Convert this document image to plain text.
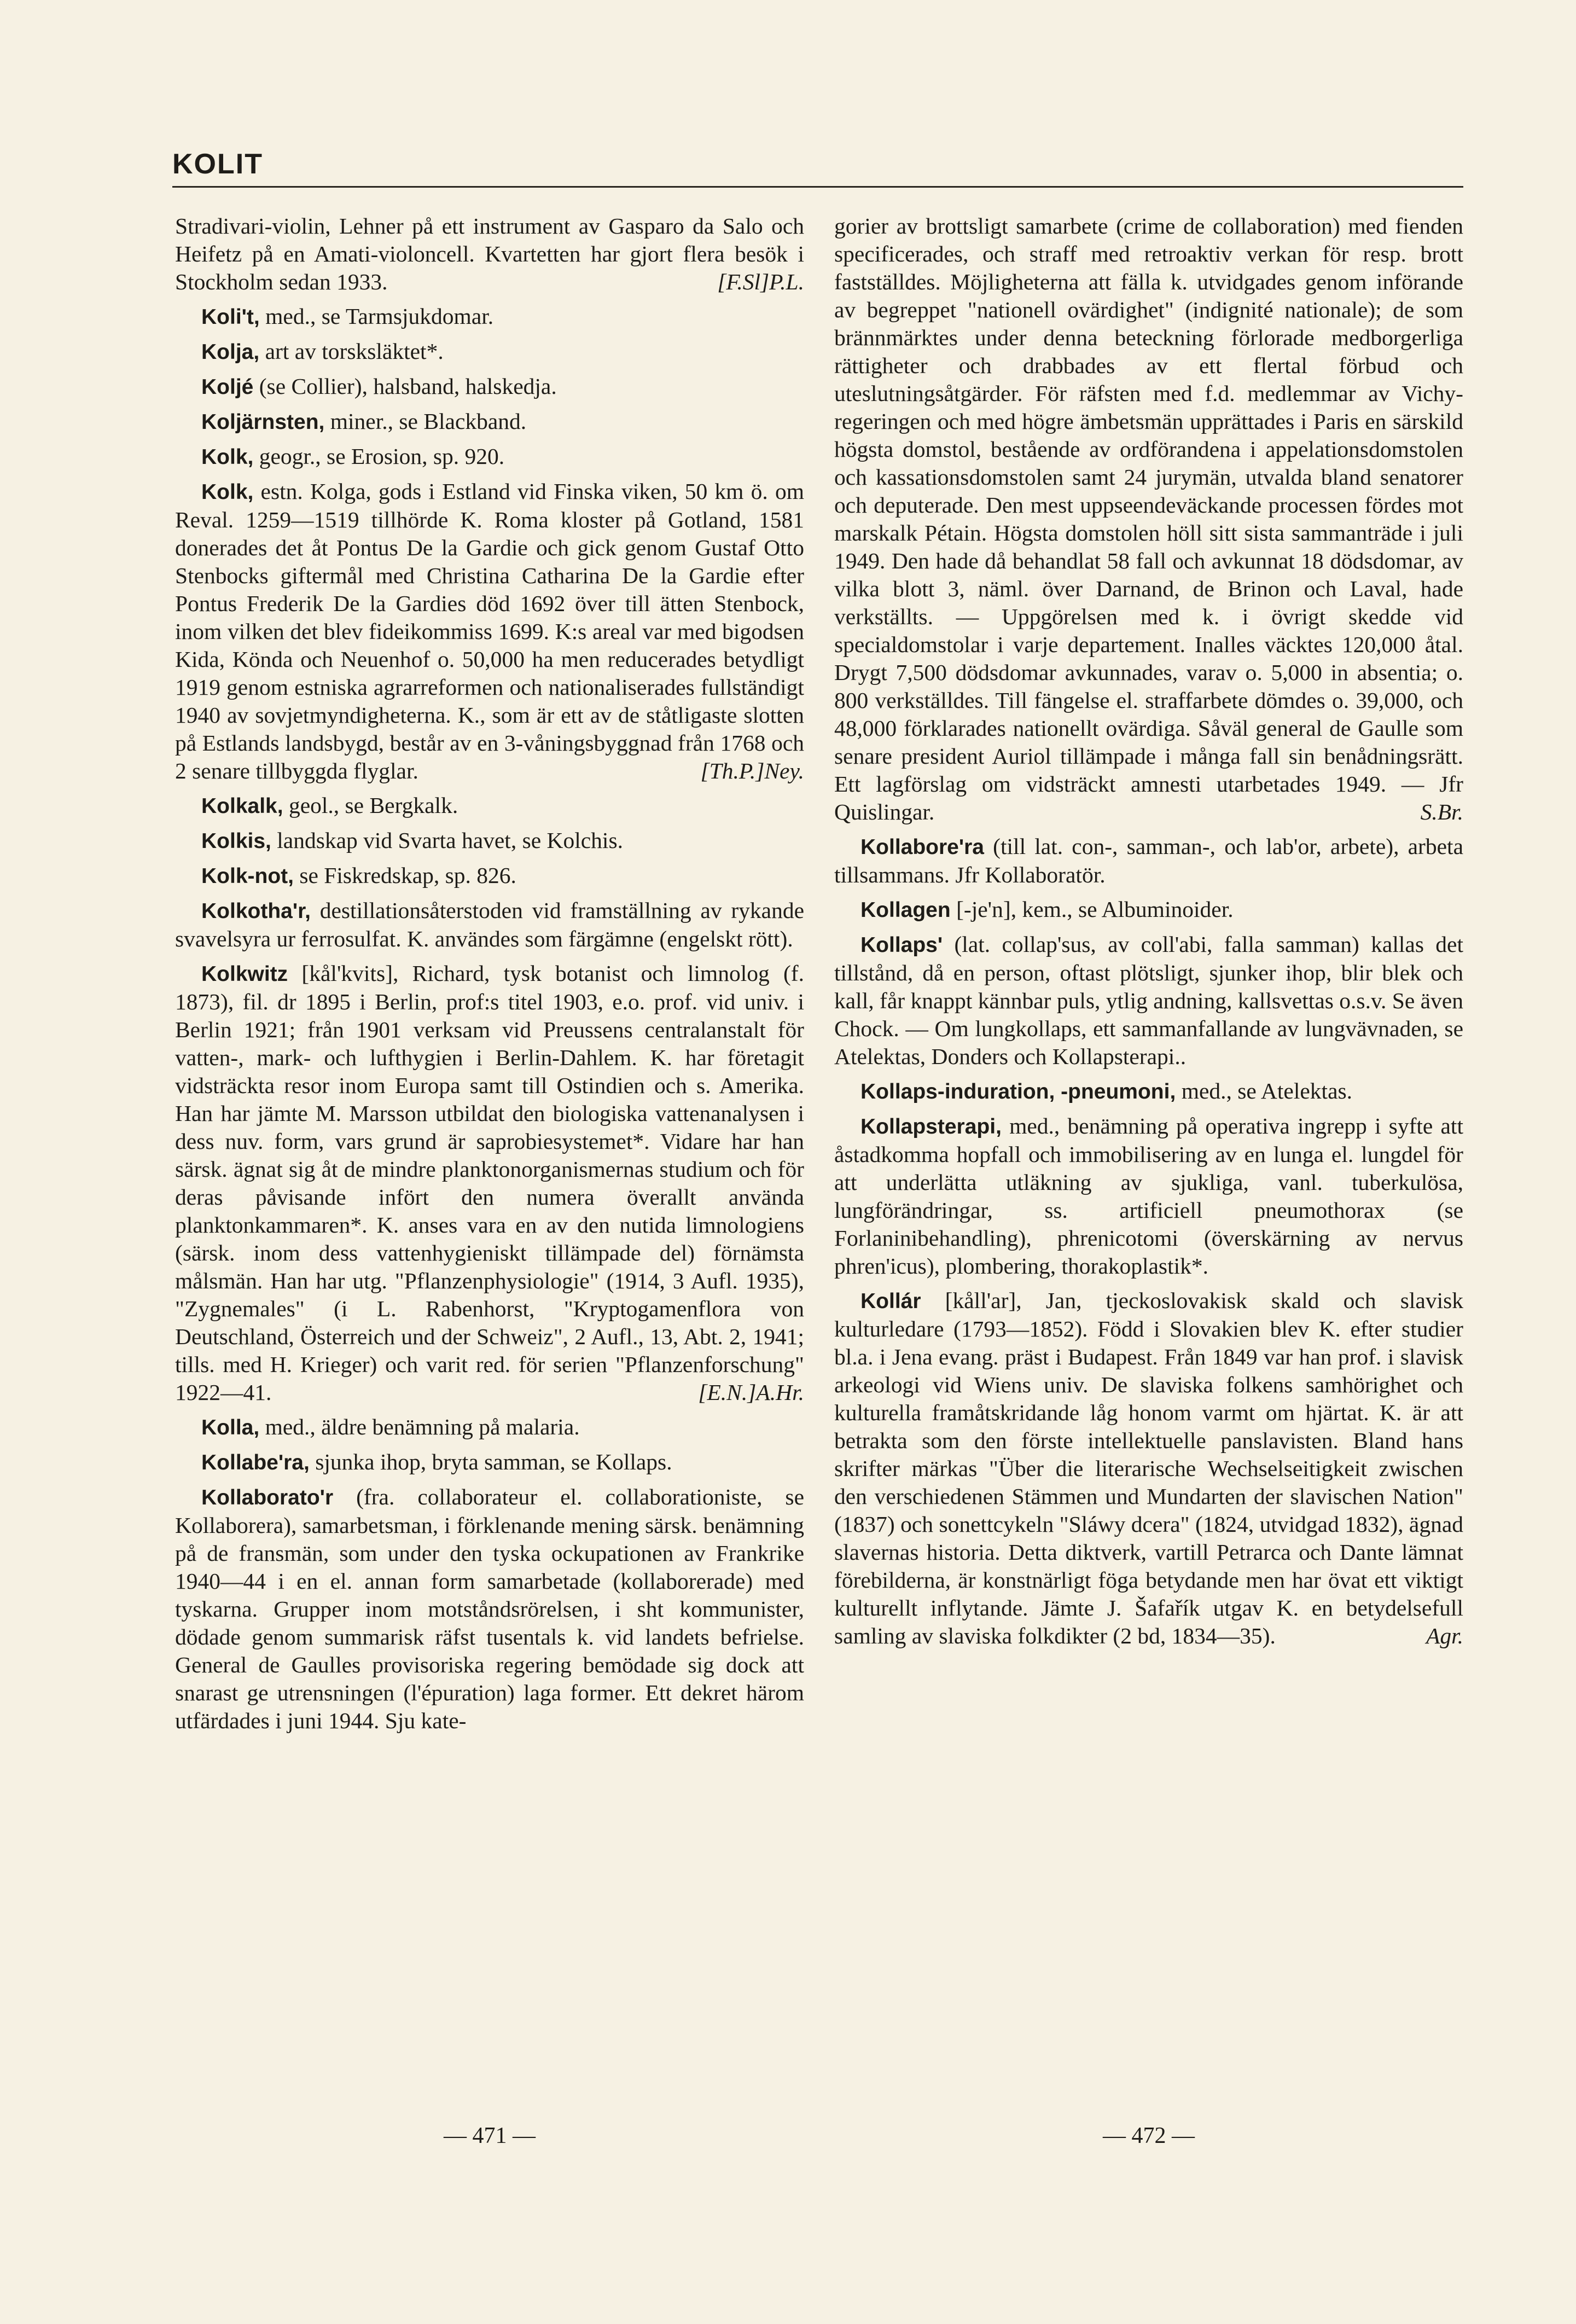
KOLIT

Stradivari-violin, Lehner på ett instrument av Gasparo da Salo och Heifetz på en Amati-violoncell. Kvartetten har gjort flera besök i Stockholm sedan 1933.	[F.Sl]P.L.

Koli't, med., se Tarmsjukdomar.

Kolja, art av torsksläktet*.

Koljé (se Collier), halsband, halskedja.

Koljärnsten, miner., se Blackband.

Kolk, geogr., se Erosion, sp. 920.

Kolk, estn. Kolga, gods i Estland vid Finska viken, 50 km ö. om Reval. 1259—1519 tillhörde K. Roma kloster på Gotland, 1581 donerades det åt Pontus De la Gardie och gick genom Gustaf Otto Stenbocks giftermål med Christina Catharina De la Gardie efter Pontus Frederik De la Gardies död 1692 över till ätten Stenbock, inom vilken det blev fideikommiss 1699. K:s areal var med bigodsen Kida, Könda och Neuenhof o. 50,000 ha men reducerades betydligt 1919 genom estniska agrarreformen och nationaliserades fullständigt 1940 av sovjetmyndigheterna. K., som är ett av de ståtligaste slotten på Estlands landsbygd, består av en 3-våningsbyggnad från 1768 och 2 senare tillbyggda flyglar.	[Th.P.]Ney.

Kolkalk, geol., se Bergkalk.

Kolkis, landskap vid Svarta havet, se Kolchis.

Kolk-not, se Fiskredskap, sp. 826.

Kolkotha'r, destillationsåterstoden vid framställning av rykande svavelsyra ur ferrosulfat. K. användes som färgämne (engelskt rött).

Kolkwitz [kål'kvits], Richard, tysk botanist och limnolog (f. 1873), fil. dr 1895 i Berlin, prof:s titel 1903, e.o. prof. vid univ. i Berlin 1921; från 1901 verksam vid Preussens centralanstalt för vatten-, mark- och lufthygien i Berlin-Dahlem. K. har företagit vidsträckta resor inom Europa samt till Ostindien och s. Amerika. Han har jämte M. Marsson utbildat den biologiska vattenanalysen i dess nuv. form, vars grund är saprobiesystemet*. Vidare har han särsk. ägnat sig åt de mindre planktonorganismernas studium och för deras påvisande infört den numera överallt använda planktonkammaren*. K. anses vara en av den nutida limnologiens (särsk. inom dess vattenhygieniskt tillämpade del) förnämsta målsmän. Han har utg. "Pflanzenphysiologie" (1914, 3 Aufl. 1935), "Zygnemales" (i L. Rabenhorst, "Kryptogamenflora von Deutschland, Österreich und der Schweiz", 2 Aufl., 13, Abt. 2, 1941; tills. med H. Krieger) och varit red. för serien "Pflanzenforschung" 1922—41.	[E.N.]A.Hr.

Kolla, med., äldre benämning på malaria.

Kollabe'ra, sjunka ihop, bryta samman, se Kollaps.

Kollaborato'r (fra. collaborateur el. collaborationiste, se Kollaborera), samarbetsman, i förklenande mening särsk. benämning på de fransmän, som under den tyska ockupationen av Frankrike 1940—44 i en el. annan form samarbetade (kollaborerade) med tyskarna. Grupper inom motståndsrörelsen, i sht kommunister, dödade genom summarisk räfst tusentals k. vid landets befrielse. General de Gaulles provisoriska regering bemödade sig dock att snarast ge utrensningen (l'épuration) laga former. Ett dekret härom utfärdades i juni 1944. Sju kate-

gorier av brottsligt samarbete (crime de collaboration) med fienden specificerades, och straff med retroaktiv verkan för resp. brott fastställdes. Möjligheterna att fälla k. utvidgades genom införande av begreppet "nationell ovärdighet" (indignité nationale); de som brännmärktes under denna beteckning förlorade medborgerliga rättigheter och drabbades av ett flertal förbud och uteslutningsåtgärder. För räfsten med f.d. medlemmar av Vichy-regeringen och med högre ämbetsmän upprättades i Paris en särskild högsta domstol, bestående av ordförandena i appelationsdomstolen och kassationsdomstolen samt 24 jurymän, utvalda bland senatorer och deputerade. Den mest uppseendeväckande processen fördes mot marskalk Pétain. Högsta domstolen höll sitt sista sammanträde i juli 1949. Den hade då behandlat 58 fall och avkunnat 18 dödsdomar, av vilka blott 3, näml. över Darnand, de Brinon och Laval, hade verkställts. — Uppgörelsen med k. i övrigt skedde vid specialdomstolar i varje departement. Inalles väcktes 120,000 åtal. Drygt 7,500 dödsdomar avkunnades, varav o. 5,000 in absentia; o. 800 verkställdes. Till fängelse el. straffarbete dömdes o. 39,000, och 48,000 förklarades nationellt ovärdiga. Såväl general de Gaulle som senare president Auriol tillämpade i många fall sin benådningsrätt. Ett lagförslag om vidsträckt amnesti utarbetades 1949. — Jfr Quislingar.	S.Br.

Kollabore'ra (till lat. con-, samman-, och lab'or, arbete), arbeta tillsammans. Jfr Kollaboratör.

Kollagen [-je'n], kem., se Albuminoider.

Kollaps' (lat. collap'sus, av coll'abi, falla samman) kallas det tillstånd, då en person, oftast plötsligt, sjunker ihop, blir blek och kall, får knappt kännbar puls, ytlig andning, kallsvettas o.s.v. Se även Chock. — Om lungkollaps, ett sammanfallande av lungvävnaden, se Atelektas, Donders och Kollapsterapi..

Kollaps-induration, -pneumoni, med., se Atelektas.

Kollapsterapi, med., benämning på operativa ingrepp i syfte att åstadkomma hopfall och immobilisering av en lunga el. lungdel för att underlätta utläkning av sjukliga, vanl. tuberkulösa, lungförändringar, ss. artificiell pneumothorax (se Forlaninibehandling), phrenicotomi (överskärning av nervus phren'icus), plombering, thorakoplastik*.

Kollár [kåll'ar], Jan, tjeckoslovakisk skald och slavisk kulturledare (1793—1852). Född i Slovakien blev K. efter studier bl.a. i Jena evang. präst i Budapest. Från 1849 var han prof. i slavisk arkeologi vid Wiens univ. De slaviska folkens samhörighet och kulturella framåtskridande låg honom varmt om hjärtat. K. är att betrakta som den förste intellektuelle panslavisten. Bland hans skrifter märkas "Über die literarische Wechselseitigkeit zwischen den verschiedenen Stämmen und Mundarten der slavischen Nation" (1837) och sonettcykeln "Sláwy dcera" (1824, utvidgad 1832), ägnad slavernas historia. Detta diktverk, vartill Petrarca och Dante lämnat förebilderna, är konstnärligt föga betydande men har övat ett viktigt kulturellt inflytande. Jämte J. Šafařík utgav K. en betydelsefull samling av slaviska folkdikter (2 bd, 1834—35).	Agr.

— 471 —	— 472 —
